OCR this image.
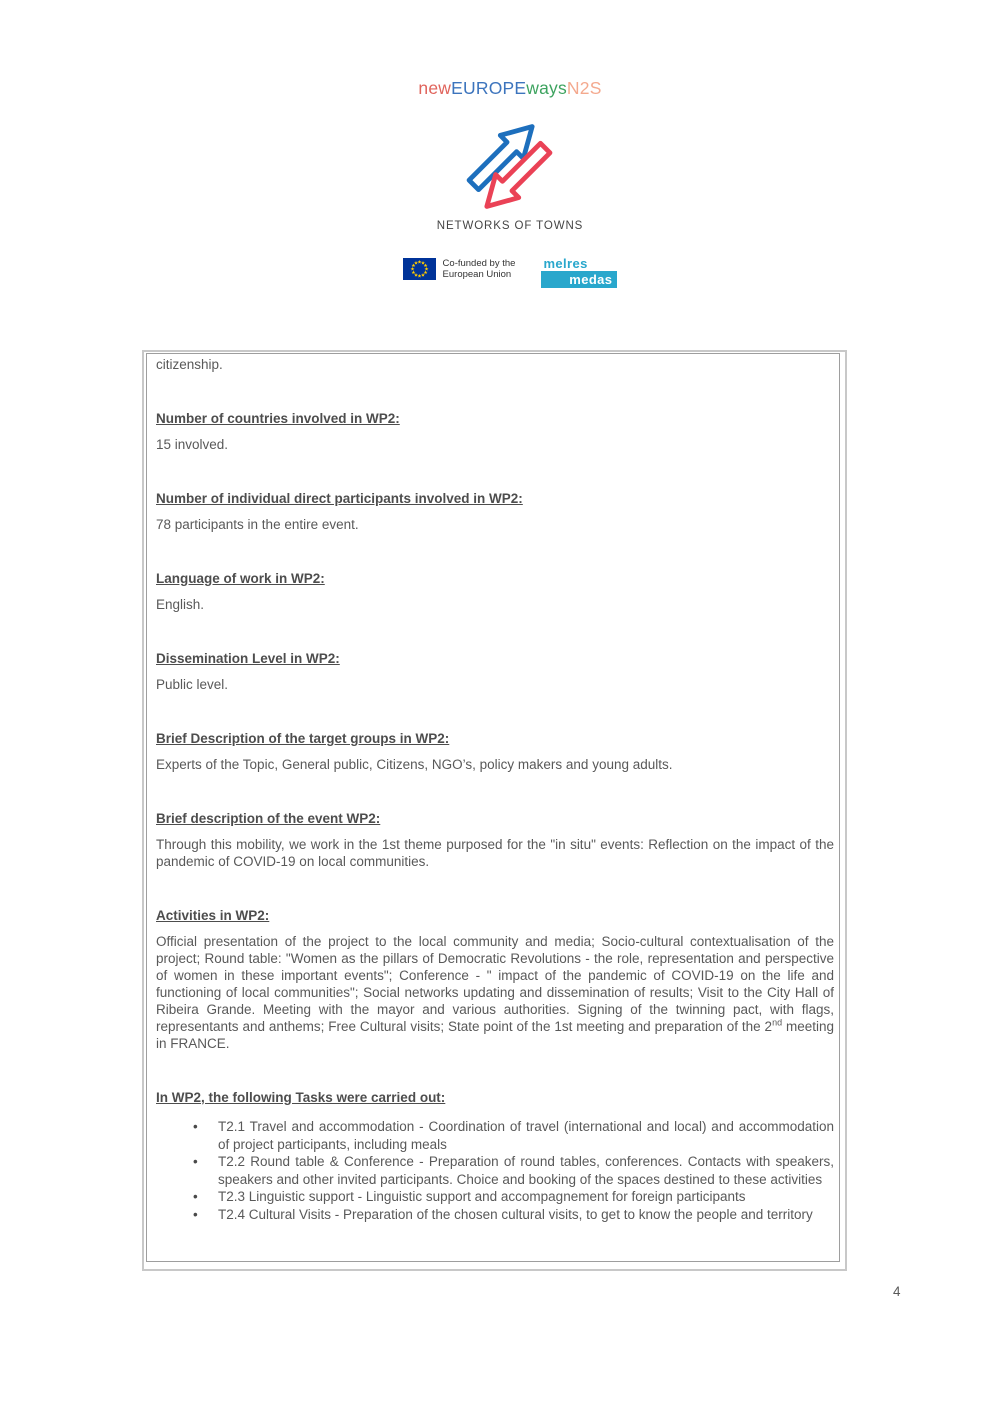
newEUROPEwaysN2S
NETWORKS OF TOWNS
Co-funded by the
European Union
melres
medas

citizenship.

Number of countries involved in WP2:

15 involved.

Number of individual direct participants involved in WP2:

78 participants in the entire event.

Language of work in WP2:

English.

Dissemination Level in WP2:

Public level.

Brief Description of the target groups in WP2:

Experts of the Topic, General public, Citizens, NGO’s, policy makers and young adults.

Brief description of the event WP2:

Through this mobility, we work in the 1st theme purposed for the "in situ" events: Reflection on the impact of the pandemic of COVID-19 on local communities.

Activities in WP2:

Official presentation of the project to the local community and media; Socio-cultural contextualisation of the project; Round table: "Women as the pillars of Democratic Revolutions - the role, representation and perspective of women in these important events"; Conference - " impact of the pandemic of COVID-19 on the life and functioning of local communities"; Social networks updating and dissemination of results; Visit to the City Hall of Ribeira Grande. Meeting with the mayor and various authorities. Signing of the twinning pact, with flags, representants and anthems; Free Cultural visits; State point of the 1st meeting and preparation of the 2nd meeting in FRANCE.

In WP2, the following Tasks were carried out:

• T2.1 Travel and accommodation - Coordination of travel (international and local) and accommodation of project participants, including meals
• T2.2 Round table & Conference - Preparation of round tables, conferences. Contacts with speakers, speakers and other invited participants. Choice and booking of the spaces destined to these activities
• T2.3 Linguistic support - Linguistic support and accompagnement for foreign participants
• T2.4 Cultural Visits - Preparation of the chosen cultural visits, to get to know the people and territory
4
